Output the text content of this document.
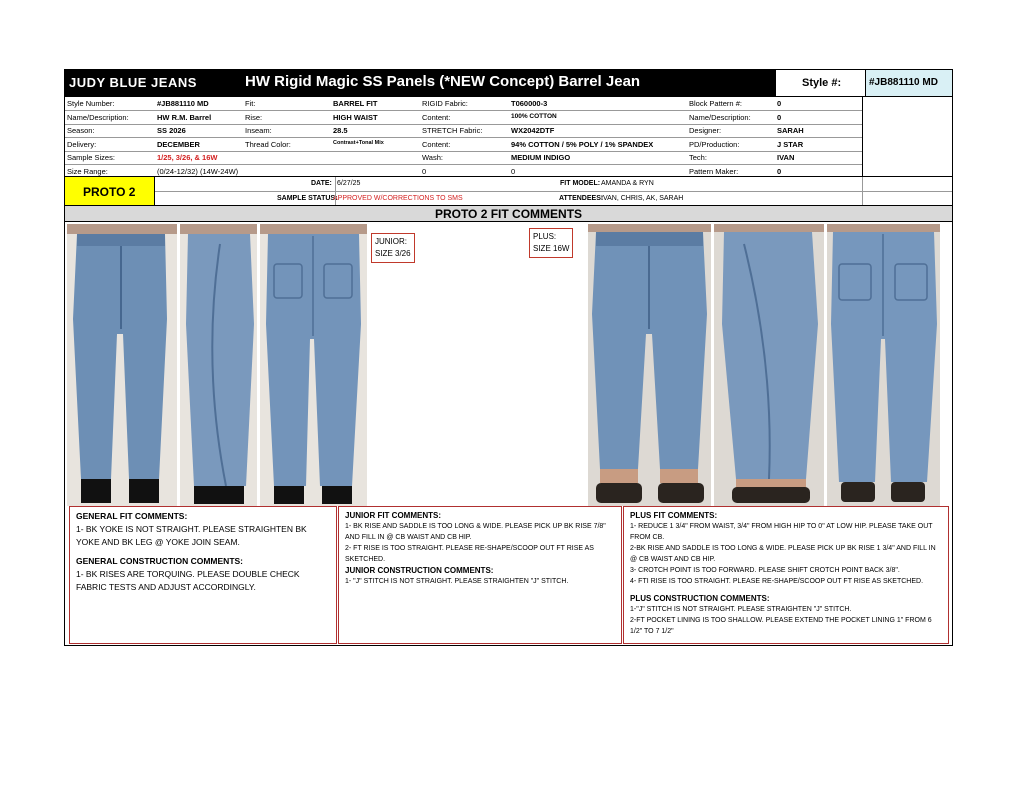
JUDY BLUE JEANS	HW Rigid Magic SS Panels (*NEW Concept) Barrel Jean	Style #:	#JB881110 MD
Style Number:	#JB881110 MD	Fit:	BARREL FIT	RIGID Fabric:	T060000-3	Block Pattern #:	0
Name/Description:	HW R.M. Barrel	Rise:	HIGH WAIST	Content:	100% COTTON	Name/Description:	0
Season:	SS 2026	Inseam:	28.5	STRETCH Fabric:	WX2042DTF	Designer:	SARAH
Delivery:	DECEMBER	Thread Color:	Contrast+Tonal Mix	Content:	94% COTTON / 5% POLY / 1% SPANDEX	PD/Production:	J STAR
Sample Sizes:	1/25, 3/26, & 16W	Wash:	MEDIUM INDIGO	Tech:	IVAN
Size Range:	(0/24-12/32) (14W-24W)	0	0	Pattern Maker:	0
PROTO 2
DATE: 6/27/25
SAMPLE STATUS:
APPROVED W/CORRECTIONS TO SMS
FIT MODEL: AMANDA & RYN
ATTENDEES:
IVAN, CHRIS, AK, SARAH
PROTO 2 FIT COMMENTS
JUNIOR:
SIZE 3/26
PLUS:
SIZE 16W

GENERAL FIT COMMENTS:

1- BK YOKE IS NOT STRAIGHT. PLEASE STRAIGHTEN BK YOKE AND BK LEG @ YOKE JOIN SEAM.

GENERAL CONSTRUCTION COMMENTS:

1- BK RISES ARE TORQUING. PLEASE DOUBLE CHECK FABRIC TESTS AND ADJUST ACCORDINGLY.

JUNIOR FIT COMMENTS:

1- BK RISE AND SADDLE IS TOO LONG & WIDE. PLEASE PICK UP BK RISE 7/8" AND FILL IN @ CB WAIST AND CB HIP.

2- FT RISE IS TOO STRAIGHT. PLEASE RE-SHAPE/SCOOP OUT FT RISE AS SKETCHED.

JUNIOR CONSTRUCTION COMMENTS:

1- "J" STITCH IS NOT STRAIGHT. PLEASE STRAIGHTEN "J" STITCH.

PLUS FIT COMMENTS:

1- REDUCE 1 3/4" FROM WAIST, 3/4" FROM HIGH HIP TO 0" AT LOW HIP. PLEASE TAKE OUT FROM CB.

2-BK RISE AND SADDLE IS TOO LONG & WIDE. PLEASE PICK UP BK RISE 1 3/4" AND FILL IN @ CB WAIST AND CB HIP.

3- CROTCH POINT IS TOO FORWARD. PLEASE SHIFT CROTCH POINT BACK 3/8".

4- FTI RISE IS TOO STRAIGHT. PLEASE RE-SHAPE/SCOOP OUT FT RISE AS SKETCHED.

PLUS CONSTRUCTION COMMENTS:

1-"J" STITCH IS NOT STRAIGHT. PLEASE STRAIGHTEN "J" STITCH.

2-FT POCKET LINING IS TOO SHALLOW. PLEASE EXTEND THE POCKET LINING 1" FROM 6 1/2" TO 7 1/2"
